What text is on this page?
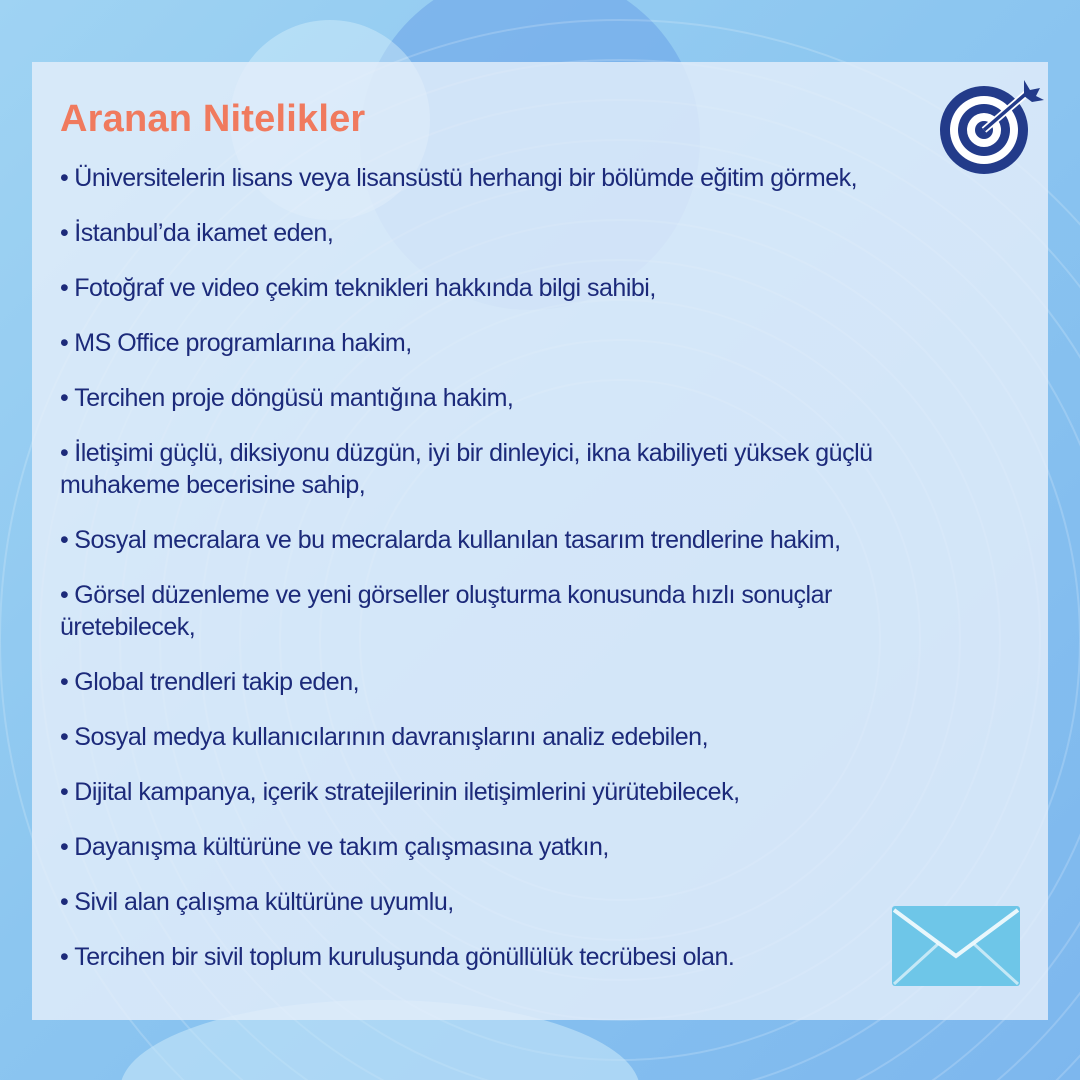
Aranan Nitelikler
• Üniversitelerin lisans veya lisansüstü herhangi bir bölümde eğitim görmek,
• İstanbul’da ikamet eden,
• Fotoğraf ve video çekim teknikleri hakkında bilgi sahibi,
• MS Office programlarına hakim,
• Tercihen proje döngüsü mantığına hakim,
• İletişimi güçlü, diksiyonu düzgün, iyi bir dinleyici, ikna kabiliyeti yüksek güçlü muhakeme becerisine sahip,
• Sosyal mecralara ve bu mecralarda kullanılan tasarım trendlerine hakim,
• Görsel düzenleme ve yeni görseller oluşturma konusunda hızlı sonuçlar üretebilecek,
• Global trendleri takip eden,
• Sosyal medya kullanıcılarının davranışlarını analiz edebilen,
• Dijital kampanya, içerik stratejilerinin iletişimlerini yürütebilecek,
• Dayanışma kültürüne ve takım çalışmasına yatkın,
• Sivil alan çalışma kültürüne uyumlu,
• Tercihen bir sivil toplum kuruluşunda gönüllülük tecrübesi olan.
